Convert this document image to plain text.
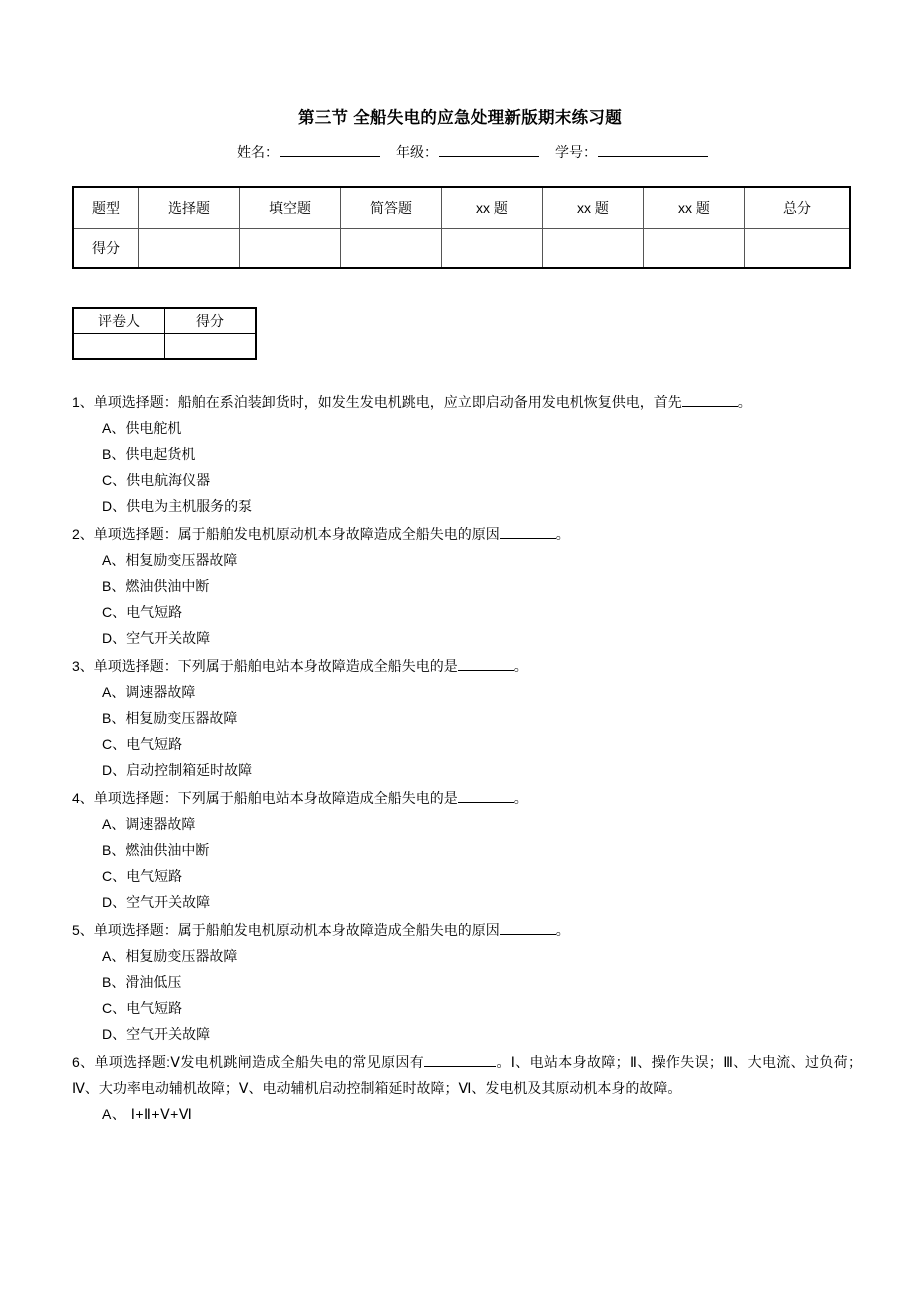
第三节 全船失电的应急处理新版期末练习题
姓名：	年级：	学号：
题型	选择题	填空题	简答题	xx 题	xx 题	xx 题	总分
得分							
评卷人	得分

1、单项选择题：船舶在系泊装卸货时，如发生发电机跳电，应立即启动备用发电机恢复供电，首先	。

A、供电舵机
B、供电起货机
C、供电航海仪器
D、供电为主机服务的泵

2、单项选择题：属于船舶发电机原动机本身故障造成全船失电的原因	。

A、相复励变压器故障
B、燃油供油中断
C、电气短路
D、空气开关故障

3、单项选择题：下列属于船舶电站本身故障造成全船失电的是	。

A、调速器故障
B、相复励变压器故障
C、电气短路
D、启动控制箱延时故障

4、单项选择题：下列属于船舶电站本身故障造成全船失电的是	。

A、调速器故障
B、燃油供油中断
C、电气短路
D、空气开关故障

5、单项选择题：属于船舶发电机原动机本身故障造成全船失电的原因	。

A、相复励变压器故障
B、滑油低压
C、电气短路
D、空气开关故障

6、单项选择题:Ⅴ发电机跳闸造成全船失电的常见原因有	。Ⅰ、电站本身故障；Ⅱ、操作失误；Ⅲ、大电流、过负荷；Ⅳ、大功率电动辅机故障；Ⅴ、电动辅机启动控制箱延时故障；Ⅵ、发电机及其原动机本身的故障。

A、 Ⅰ+Ⅱ+Ⅴ+Ⅵ
